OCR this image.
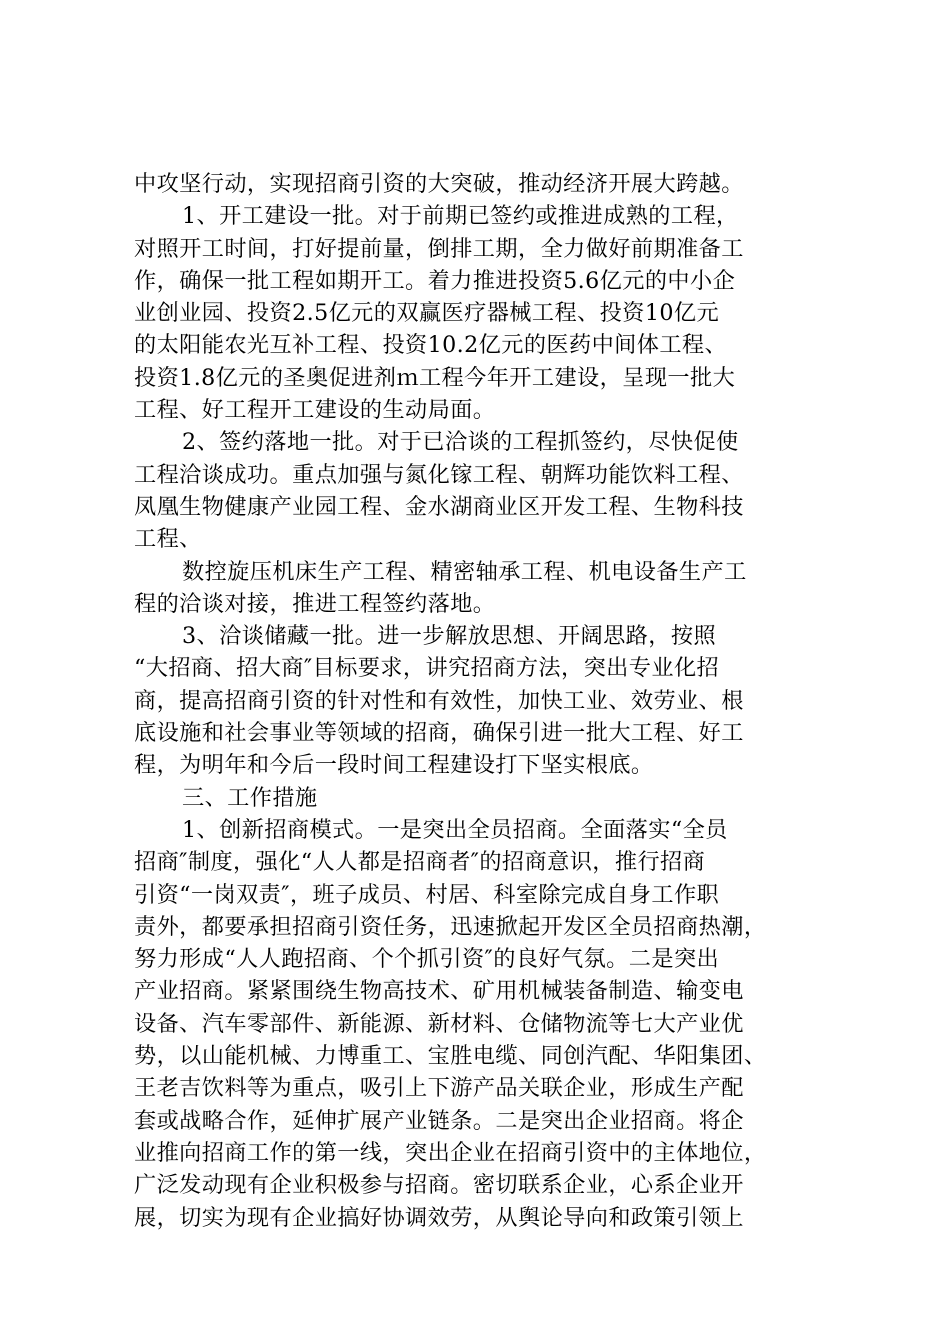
中攻坚行动，实现招商引资的大突破，推动经济开展大跨越。
1、开工建设一批。对于前期已签约或推进成熟的工程，
对照开工时间，打好提前量，倒排工期，全力做好前期准备工
作，确保一批工程如期开工。着力推进投资5.6亿元的中小企
业创业园、投资2.5亿元的双赢医疗器械工程、投资10亿元
的太阳能农光互补工程、投资10.2亿元的医药中间体工程、
投资1.8亿元的圣奥促进剂ｍ工程今年开工建设，呈现一批大
工程、好工程开工建设的生动局面。
2、签约落地一批。对于已洽谈的工程抓签约，尽快促使
工程洽谈成功。重点加强与氮化镓工程、朝辉功能饮料工程、
凤凰生物健康产业园工程、金水湖商业区开发工程、生物科技
工程、
数控旋压机床生产工程、精密轴承工程、机电设备生产工
程的洽谈对接，推进工程签约落地。
3、洽谈储藏一批。进一步解放思想、开阔思路，按照
“大招商、招大商″目标要求，讲究招商方法，突出专业化招
商，提高招商引资的针对性和有效性，加快工业、效劳业、根
底设施和社会事业等领域的招商，确保引进一批大工程、好工
程，为明年和今后一段时间工程建设打下坚实根底。
三、工作措施
1、创新招商模式。一是突出全员招商。全面落实“全员
招商″制度，强化“人人都是招商者″的招商意识，推行招商
引资“一岗双责″，班子成员、村居、科室除完成自身工作职
责外，都要承担招商引资任务，迅速掀起开发区全员招商热潮，
努力形成“人人跑招商、个个抓引资″的良好气氛。二是突出
产业招商。紧紧围绕生物高技术、矿用机械装备制造、输变电
设备、汽车零部件、新能源、新材料、仓储物流等七大产业优
势，以山能机械、力博重工、宝胜电缆、同创汽配、华阳集团、
王老吉饮料等为重点，吸引上下游产品关联企业，形成生产配
套或战略合作，延伸扩展产业链条。二是突出企业招商。将企
业推向招商工作的第一线，突出企业在招商引资中的主体地位，
广泛发动现有企业积极参与招商。密切联系企业，心系企业开
展，切实为现有企业搞好协调效劳，从舆论导向和政策引领上
